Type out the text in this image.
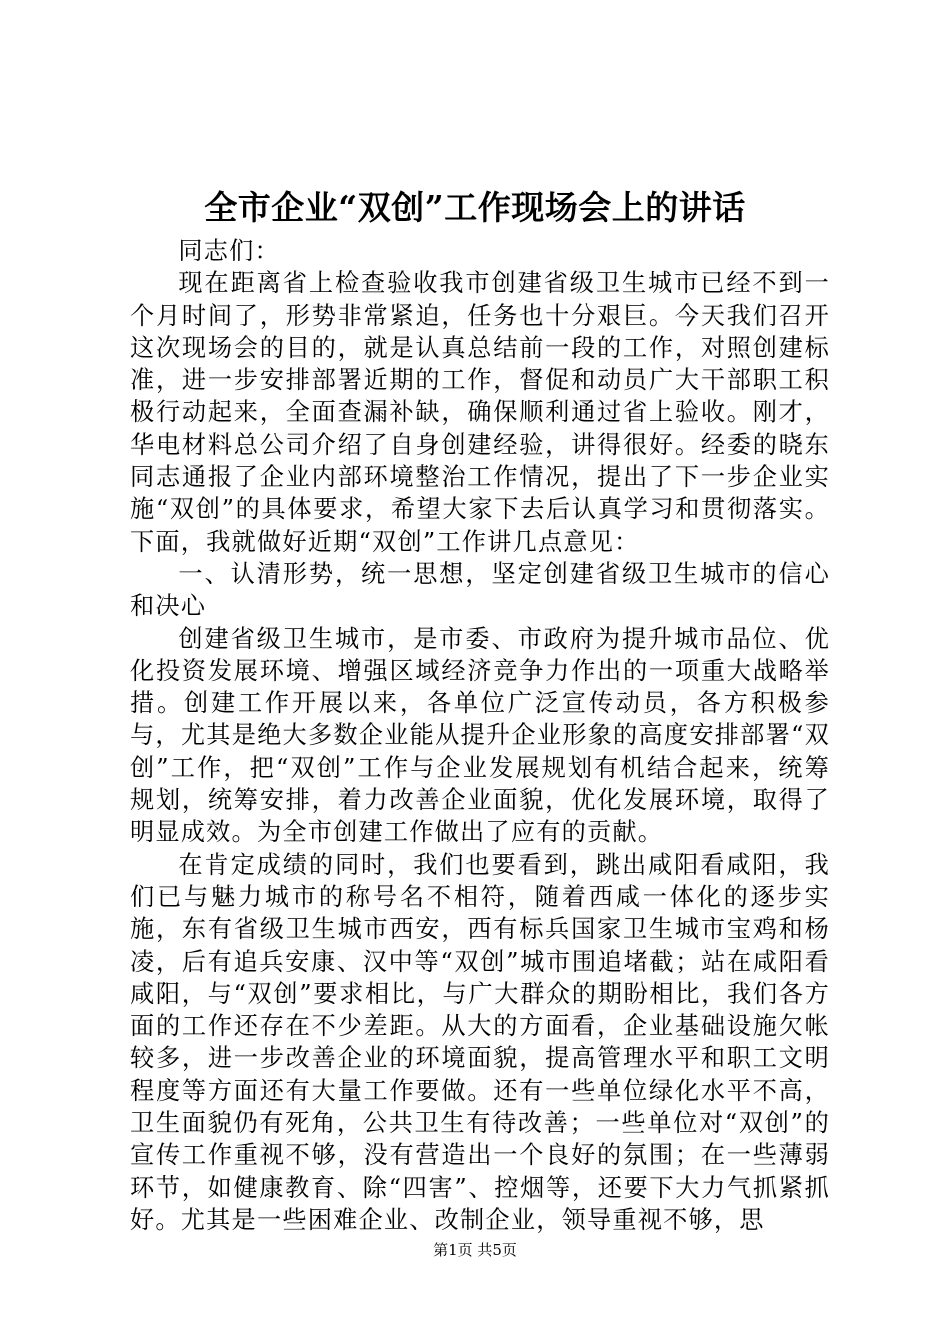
全市企业“双创”工作现场会上的讲话

同志们：

现在距离省上检查验收我市创建省级卫生城市已经不到一个月时间了，形势非常紧迫，任务也十分艰巨。今天我们召开这次现场会的目的，就是认真总结前一段的工作，对照创建标准，进一步安排部署近期的工作，督促和动员广大干部职工积极行动起来，全面查漏补缺，确保顺利通过省上验收。刚才，华电材料总公司介绍了自身创建经验，讲得很好。经委的晓东同志通报了企业内部环境整治工作情况，提出了下一步企业实施“双创”的具体要求，希望大家下去后认真学习和贯彻落实。下面，我就做好近期“双创”工作讲几点意见：

一、认清形势，统一思想，坚定创建省级卫生城市的信心和决心

创建省级卫生城市，是市委、市政府为提升城市品位、优化投资发展环境、增强区域经济竞争力作出的一项重大战略举措。创建工作开展以来，各单位广泛宣传动员，各方积极参与，尤其是绝大多数企业能从提升企业形象的高度安排部署“双创”工作，把“双创”工作与企业发展规划有机结合起来，统筹规划，统筹安排，着力改善企业面貌，优化发展环境，取得了明显成效。为全市创建工作做出了应有的贡献。

在肯定成绩的同时，我们也要看到，跳出咸阳看咸阳，我们已与魅力城市的称号名不相符，随着西咸一体化的逐步实施，东有省级卫生城市西安，西有标兵国家卫生城市宝鸡和杨凌，后有追兵安康、汉中等“双创”城市围追堵截；站在咸阳看咸阳，与“双创”要求相比，与广大群众的期盼相比，我们各方面的工作还存在不少差距。从大的方面看，企业基础设施欠帐较多，进一步改善企业的环境面貌，提高管理水平和职工文明程度等方面还有大量工作要做。还有一些单位绿化水平不高，卫生面貌仍有死角，公共卫生有待改善；一些单位对“双创”的宣传工作重视不够，没有营造出一个良好的氛围；在一些薄弱环节，如健康教育、除“四害”、控烟等，还要下大力气抓紧抓好。尤其是一些困难企业、改制企业，领导重视不够，思

第1页 共5页
